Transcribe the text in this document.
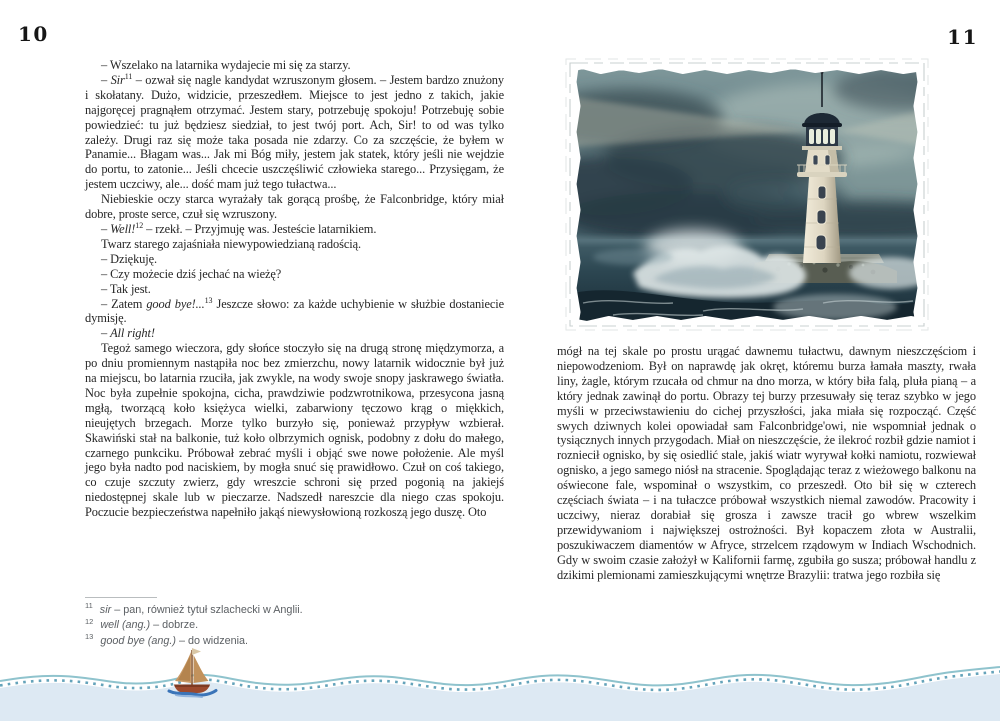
10	11

– Wszelako na latarnika wydajecie mi się za starzy.

– Sir$^{11}$ – ozwał się nagle kandydat wzruszonym głosem. – Jestem bardzo znużony i skołatany. Dużo, widzicie, przeszedłem. Miejsce to jest jedno z takich, jakie najgoręcej pragnąłem otrzymać. Jestem stary, potrzebuję spokoju! Potrzebuję sobie powiedzieć: tu już będziesz siedział, to jest twój port. Ach, Sir! to od was tylko zależy. Drugi raz się może taka posada nie zdarzy. Co za szczęście, że byłem w Panamie... Błagam was... Jak mi Bóg miły, jestem jak statek, który jeśli nie wejdzie do portu, to zatonie... Jeśli chcecie uszczęśliwić człowieka starego... Przysięgam, że jestem uczciwy, ale... dość mam już tego tułactwa...

Niebieskie oczy starca wyrażały tak gorącą prośbę, że Falconbridge, który miał dobre, proste serce, czuł się wzruszony.

– Well!$^{12}$ – rzekł. – Przyjmuję was. Jesteście latarnikiem.

Twarz starego zajaśniała niewypowiedzianą radością.

– Dziękuję.

– Czy możecie dziś jechać na wieżę?

– Tak jest.

– Zatem good bye!...$^{13}$ Jeszcze słowo: za każde uchybienie w służbie dostaniecie dymisję.

– All right!

Tegoż samego wieczora, gdy słońce stoczyło się na drugą stronę międzymorza, a po dniu promiennym nastąpiła noc bez zmierzchu, nowy latarnik widocznie był już na miejscu, bo latarnia rzuciła, jak zwykle, na wody swoje snopy jaskrawego światła. Noc była zupełnie spokojna, cicha, prawdziwie podzwrotnikowa, przesycona jasną mgłą, tworzącą koło księżyca wielki, zabarwiony tęczowo krąg o miękkich, nieujętych brzegach. Morze tylko burzyło się, ponieważ przypływ wzbierał. Skawiński stał na balkonie, tuż koło olbrzymich ognisk, podobny z dołu do małego, czarnego punkciku. Próbował zebrać myśli i objąć swe nowe położenie. Ale myśl jego była nadto pod naciskiem, by mogła snuć się prawidłowo. Czuł on coś takiego, co czuje szczuty zwierz, gdy wreszcie schroni się przed pogonią na jakiejś niedostępnej skale lub w pieczarze. Nadszedł nareszcie dla niego czas spokoju. Poczucie bezpieczeństwa napełniło jakąś niewysłowioną rozkoszą jego duszę. Oto

$^{11}$ sir – pan, również tytuł szlachecki w Anglii.
$^{12}$ well (ang.) – dobrze.
$^{13}$ good bye (ang.) – do widzenia.

mógł na tej skale po prostu urągać dawnemu tułactwu, dawnym nieszczęściom i niepowodzeniom. Był on naprawdę jak okręt, któremu burza łamała maszty, rwała liny, żagle, którym rzucała od chmur na dno morza, w który biła falą, pluła pianą – a który jednak zawinął do portu. Obrazy tej burzy przesuwały się teraz szybko w jego myśli w przeciwstawieniu do cichej przyszłości, jaka miała się rozpocząć. Część swych dziwnych kolei opowiadał sam Falconbridge'owi, nie wspomniał jednak o tysiącznych innych przygodach. Miał on nieszczęście, że ilekroć rozbił gdzie namiot i rozniecił ognisko, by się osiedlić stale, jakiś wiatr wyrywał kołki namiotu, rozwiewał ognisko, a jego samego niósł na stracenie. Spoglądając teraz z wieżowego balkonu na oświecone fale, wspominał o wszystkim, co przeszedł. Oto bił się w czterech częściach świata – i na tułaczce próbował wszystkich niemal zawodów. Pracowity i uczciwy, nieraz dorabiał się grosza i zawsze tracił go wbrew wszelkim przewidywaniom i największej ostrożności. Był kopaczem złota w Australii, poszukiwaczem diamentów w Afryce, strzelcem rządowym w Indiach Wschodnich. Gdy w swoim czasie założył w Kalifornii farmę, zgubiła go susza; próbował handlu z dzikimi plemionami zamieszkującymi wnętrze Brazylii: tratwa jego rozbiła się
